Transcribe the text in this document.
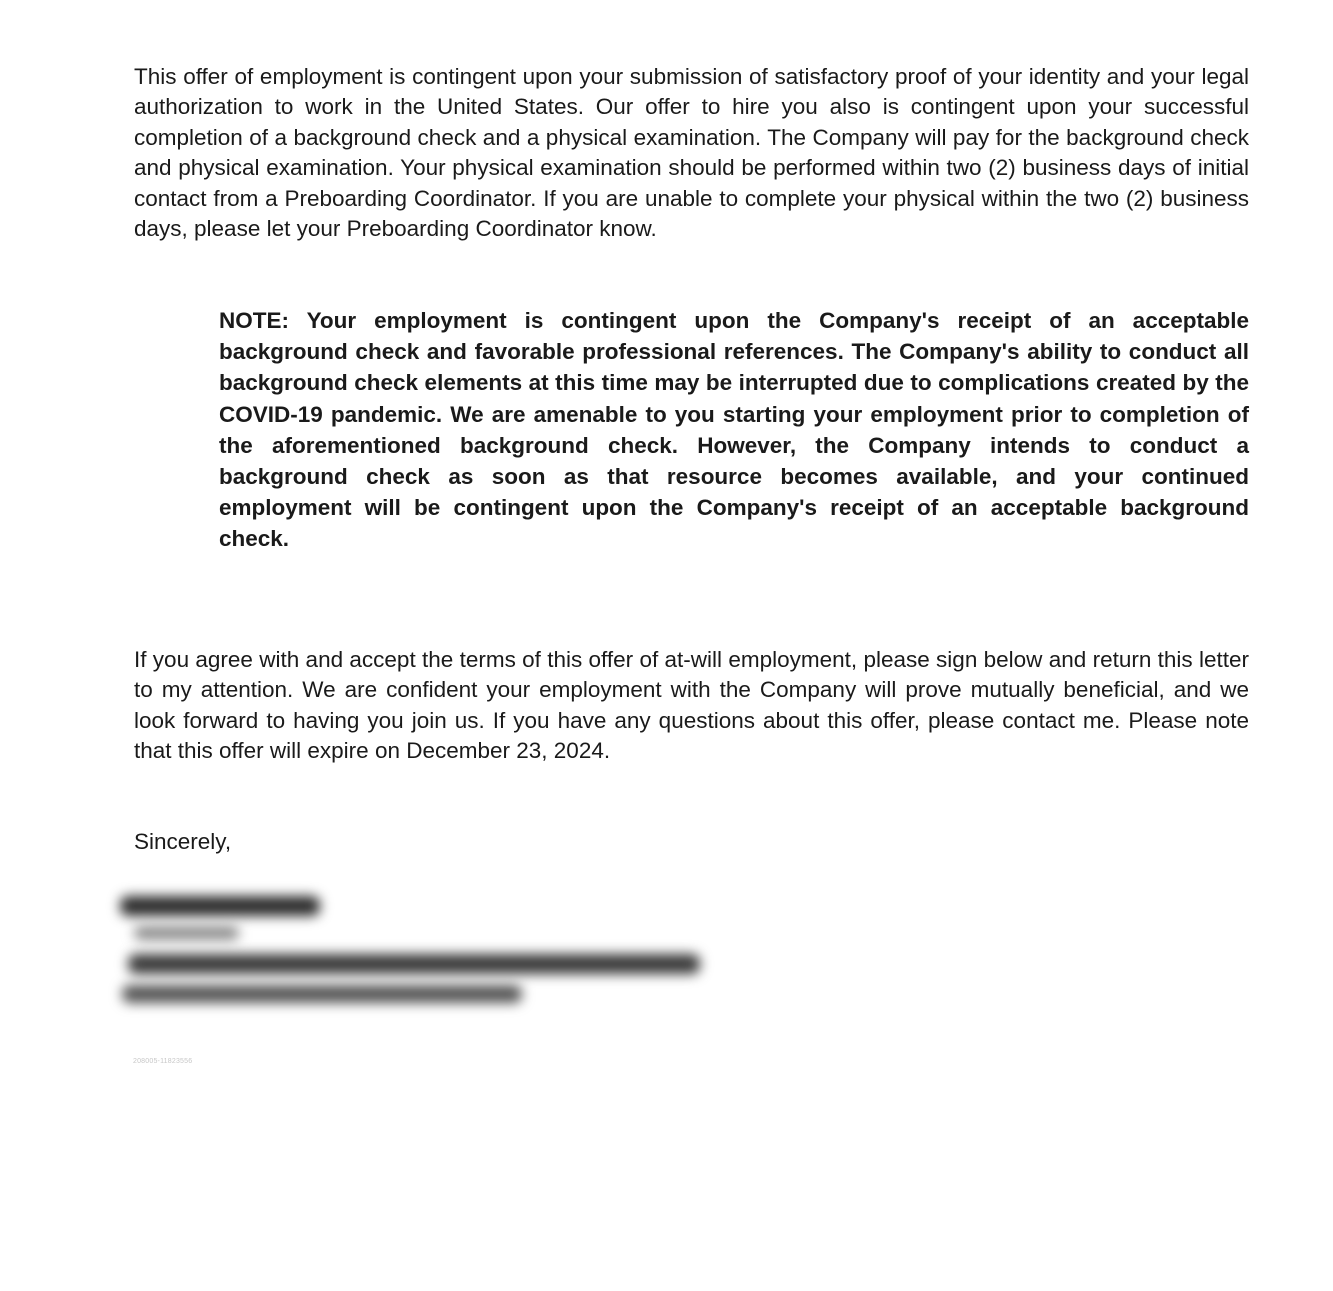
This offer of employment is contingent upon your submission of satisfactory proof of your identity and your legal authorization to work in the United States. Our offer to hire you also is contingent upon your successful completion of a background check and a physical examination. The Company will pay for the background check and physical examination. Your physical examination should be performed within two (2) business days of initial contact from a Preboarding Coordinator. If you are unable to complete your physical within the two (2) business days, please let your Preboarding Coordinator know.

NOTE: Your employment is contingent upon the Company's receipt of an acceptable background check and favorable professional references. The Company's ability to conduct all background check elements at this time may be interrupted due to complications created by the COVID-19 pandemic. We are amenable to you starting your employment prior to completion of the aforementioned background check. However, the Company intends to conduct a background check as soon as that resource becomes available, and your continued employment will be contingent upon the Company's receipt of an acceptable background check.

If you agree with and accept the terms of this offer of at-will employment, please sign below and return this letter to my attention. We are confident your employment with the Company will prove mutually beneficial, and we look forward to having you join us. If you have any questions about this offer, please contact me. Please note that this offer will expire on December 23, 2024.

Sincerely,

208005-11823556
